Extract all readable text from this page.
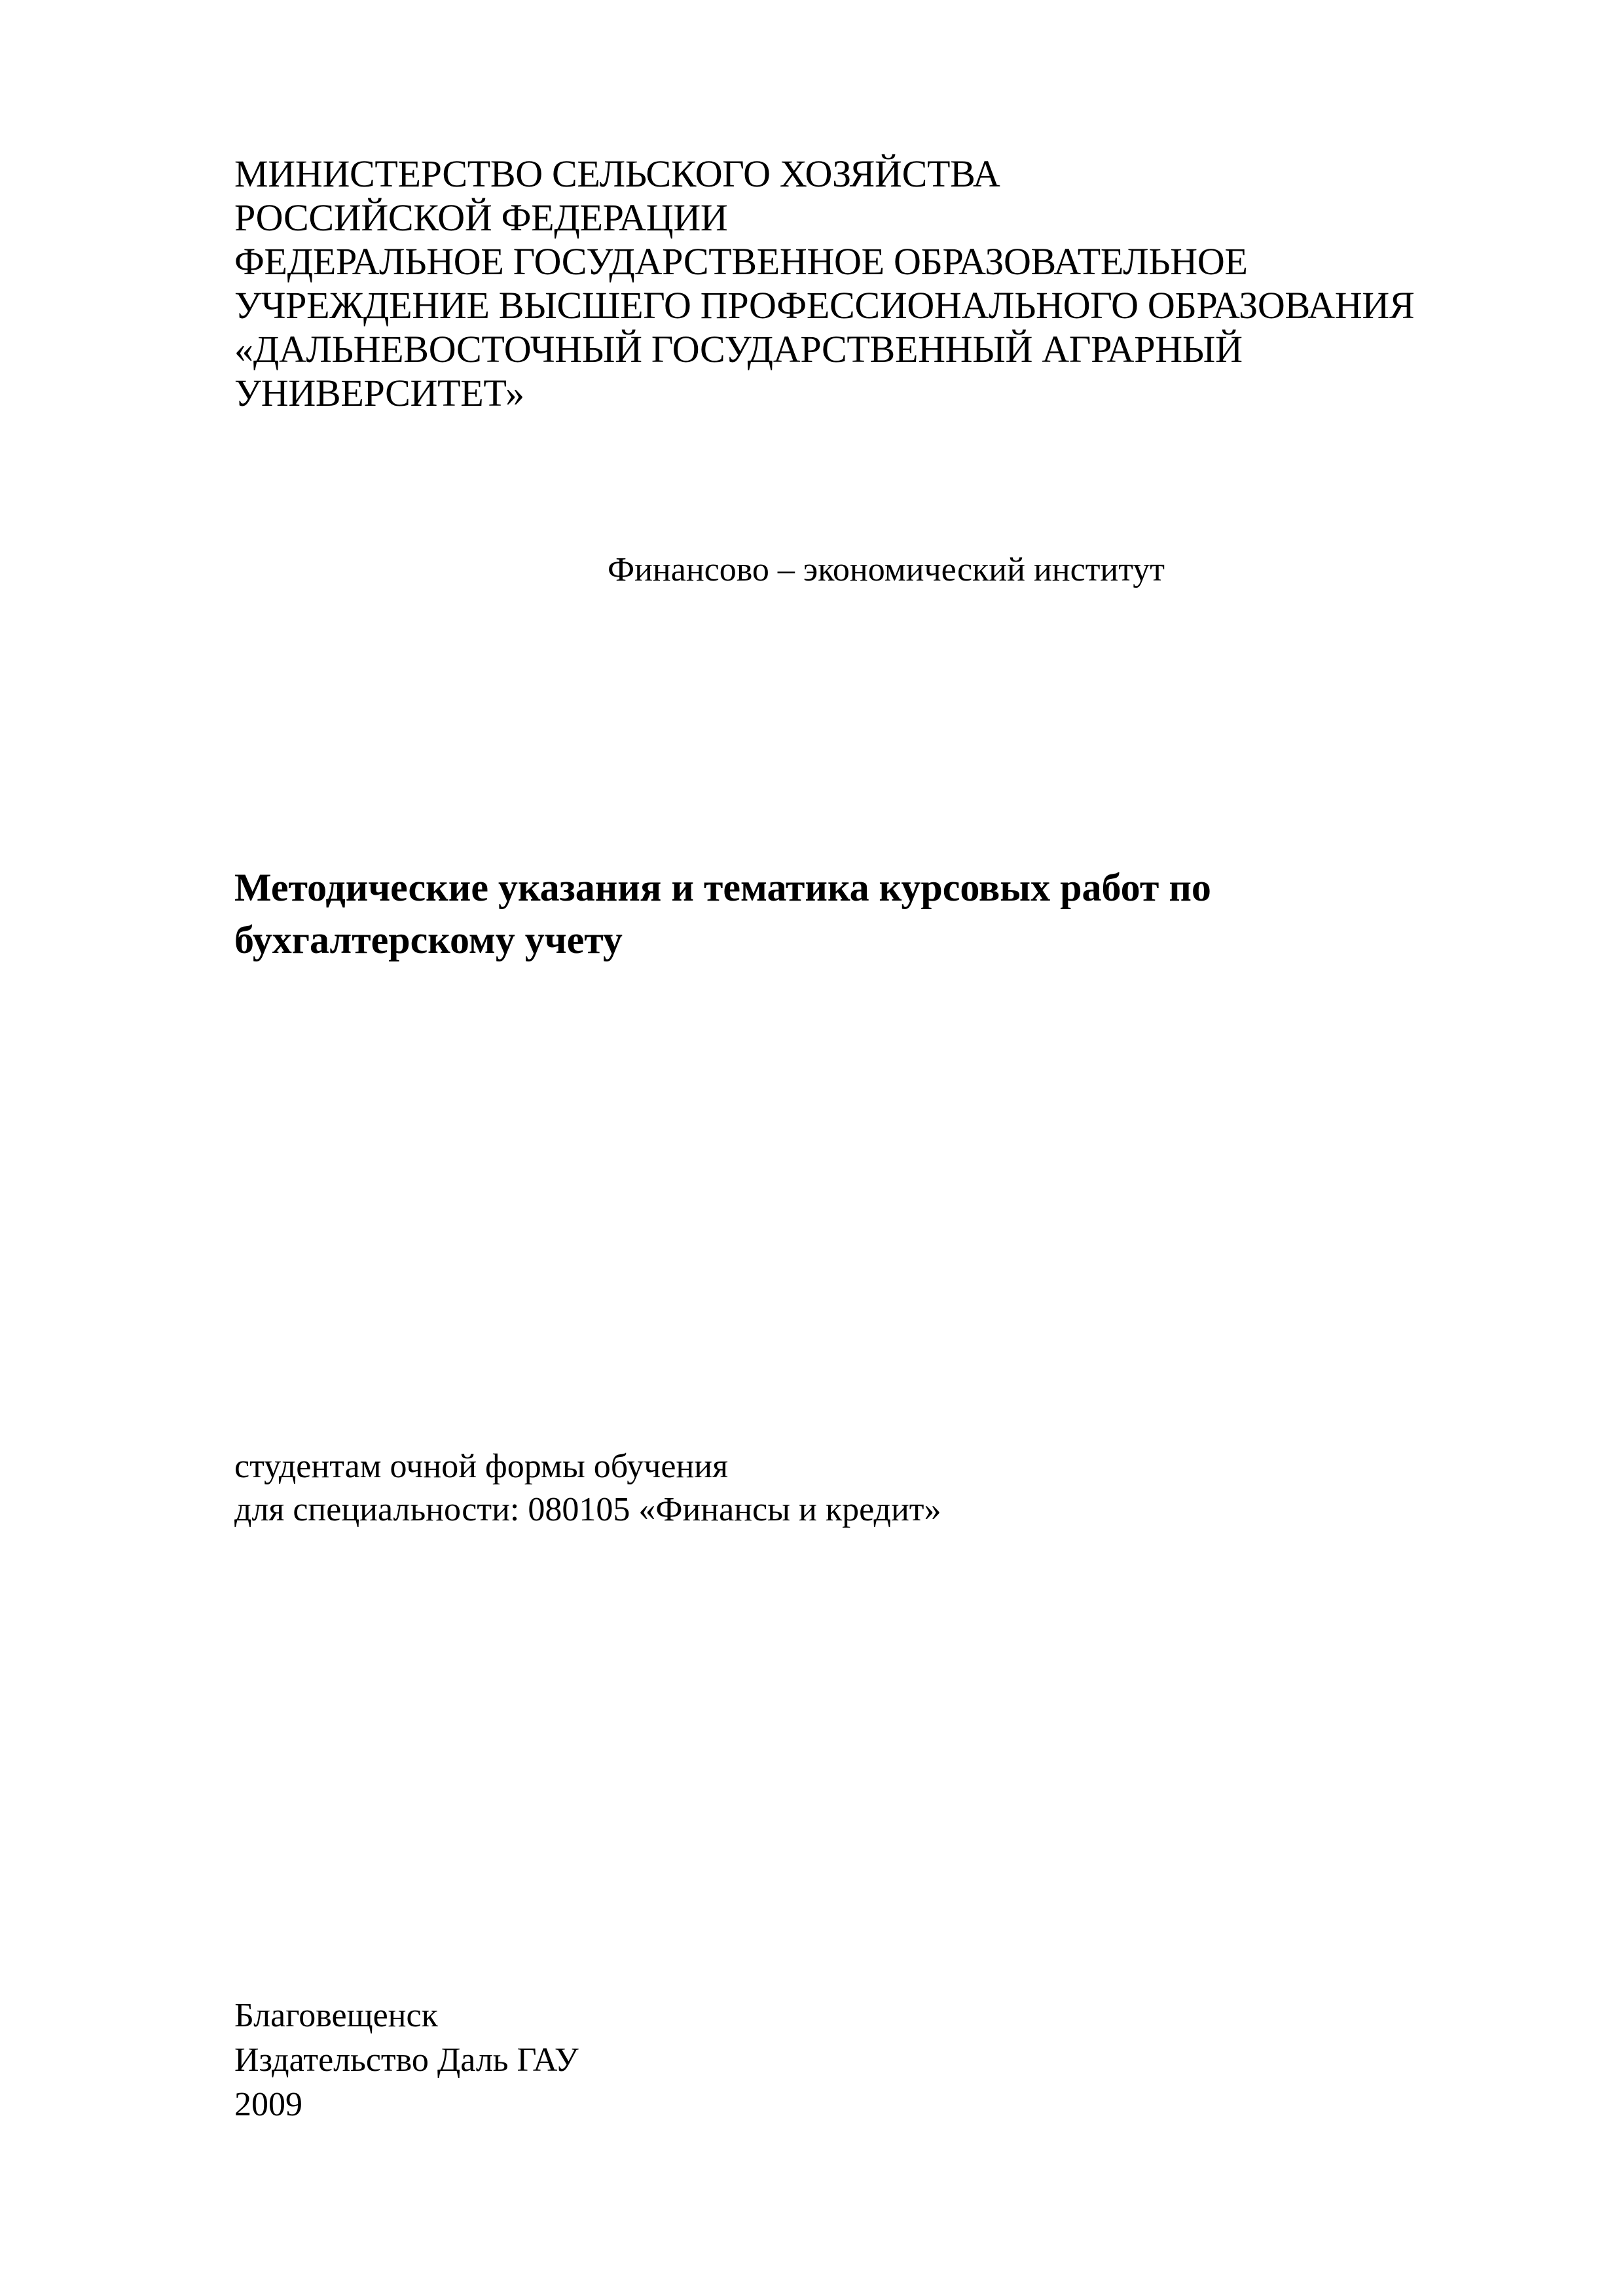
МИНИСТЕРСТВО СЕЛЬСКОГО ХОЗЯЙСТВА
РОССИЙСКОЙ ФЕДЕРАЦИИ
ФЕДЕРАЛЬНОЕ ГОСУДАРСТВЕННОЕ ОБРАЗОВАТЕЛЬНОЕ
УЧРЕЖДЕНИЕ ВЫСШЕГО ПРОФЕССИОНАЛЬНОГО ОБРАЗОВАНИЯ
«ДАЛЬНЕВОСТОЧНЫЙ ГОСУДАРСТВЕННЫЙ АГРАРНЫЙ
УНИВЕРСИТЕТ»
Финансово – экономический институт
Методические указания и тематика курсовых работ по
бухгалтерскому учету
студентам очной формы обучения
для специальности: 080105 «Финансы и кредит»
Благовещенск
Издательство Даль ГАУ
2009
